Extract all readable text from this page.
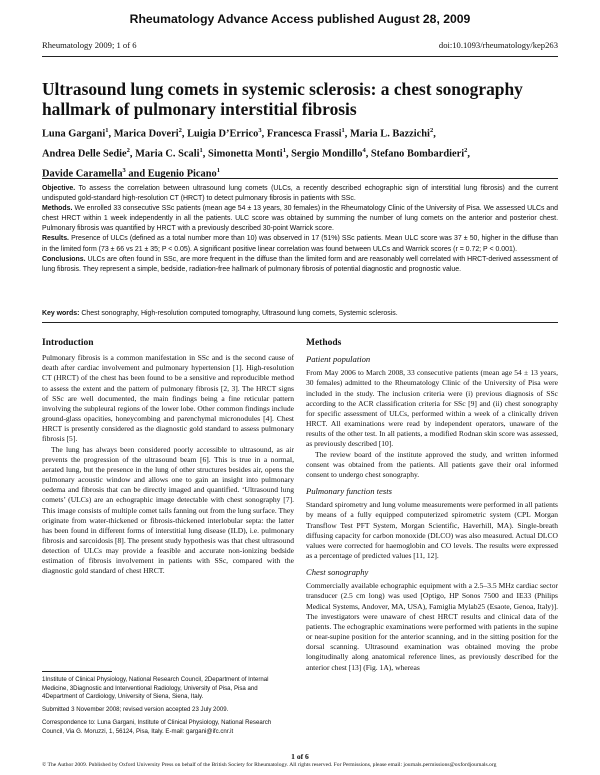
Rheumatology Advance Access published August 28, 2009
Rheumatology 2009; 1 of 6	doi:10.1093/rheumatology/kep263
Ultrasound lung comets in systemic sclerosis: a chest sonography hallmark of pulmonary interstitial fibrosis
Luna Gargani$^1$, Marica Doveri$^2$, Luigia D’Errico$^3$, Francesca Frassi$^1$, Maria L. Bazzichi$^2$,
Andrea Delle Sedie$^2$, Maria C. Scali$^1$, Simonetta Monti$^1$, Sergio Mondillo$^4$, Stefano Bombardieri$^2$,
Davide Caramella$^3$ and Eugenio Picano$^1$

Objective. To assess the correlation between ultrasound lung comets (ULCs, a recently described echographic sign of interstitial lung fibrosis) and the current undisputed gold-standard high-resolution CT (HRCT) to detect pulmonary fibrosis in patients with SSc.

Methods. We enrolled 33 consecutive SSc patients (mean age 54 ± 13 years, 30 females) in the Rheumatology Clinic of the University of Pisa. We assessed ULCs and chest HRCT within 1 week independently in all the patients. ULC score was obtained by summing the number of lung comets on the anterior and posterior chest. Pulmonary fibrosis was quantified by HRCT with a previously described 30-point Warrick score.

Results. Presence of ULCs (defined as a total number more than 10) was observed in 17 (51%) SSc patients. Mean ULC score was 37 ± 50, higher in the diffuse than in the limited form (73 ± 66 vs 21 ± 35; P < 0.05). A significant positive linear correlation was found between ULCs and Warrick scores (r = 0.72; P < 0.001).

Conclusions. ULCs are often found in SSc, are more frequent in the diffuse than the limited form and are reasonably well correlated with HRCT-derived assessment of lung fibrosis. They represent a simple, bedside, radiation-free hallmark of pulmonary fibrosis of potential diagnostic and prognostic value.

Key words: Chest sonography, High-resolution computed tomography, Ultrasound lung comets, Systemic sclerosis.
Introduction

Pulmonary fibrosis is a common manifestation in SSc and is the second cause of death after cardiac involvement and pulmonary hypertension [1]. High-resolution CT (HRCT) of the chest has been found to be a sensitive and reproducible method to assess the extent and the pattern of pulmonary fibrosis [2, 3]. The HRCT signs of SSc are well documented, the main findings being a fine reticular pattern involving the subpleural regions of the lower lobe. Other common findings include ground-glass opacities, honeycombing and parenchymal micronodules [4]. Chest HRCT is presently considered as the diagnostic gold standard to assess pulmonary fibrosis [5].

The lung has always been considered poorly accessible to ultrasound, as air prevents the progression of the ultrasound beam [6]. This is true in a normal, aerated lung, but the presence in the lung of other structures besides air, opens the pulmonary acoustic window and allows one to gain an insight into pulmonary oedema and fibrosis that can be directly imaged and quantified. ‘Ultrasound lung comets’ (ULCs) are an echographic image detectable with chest sonography [7]. This image consists of multiple comet tails fanning out from the lung surface. They originate from water-thickened or fibrosis-thickened interlobular septa: the latter has been found in different forms of interstitial lung disease (ILD), i.e. pulmonary fibrosis and sarcoidosis [8]. The present study hypothesis was that chest ultrasound detection of ULCs may provide a feasible and accurate non-ionizing bedside estimation of fibrosis involvement in patients with SSc, compared with the diagnostic gold standard of chest HRCT.

1Institute of Clinical Physiology, National Research Council, 2Department of Internal Medicine, 3Diagnostic and Interventional Radiology, University of Pisa, Pisa and 4Department of Cardiology, University of Siena, Siena, Italy.

Submitted 3 November 2008; revised version accepted 23 July 2009.

Correspondence to: Luna Gargani, Institute of Clinical Physiology, National Research Council, Via G. Moruzzi, 1, 56124, Pisa, Italy. E-mail: gargani@ifc.cnr.it

Methods
Patient population

From May 2006 to March 2008, 33 consecutive patients (mean age 54 ± 13 years, 30 females) admitted to the Rheumatology Clinic of the University of Pisa were included in the study. The inclusion criteria were (i) previous diagnosis of SSc according to the ACR classification criteria for SSc [9] and (ii) chest sonography for specific assessment of ULCs, performed within a week of a clinically driven HRCT. All examinations were read by independent operators, unaware of the results of the other test. In all patients, a modified Rodnan skin score was assessed, as previously described [10].

The review board of the institute approved the study, and written informed consent was obtained from the patients. All patients gave their oral informed consent to undergo chest sonography.

Pulmonary function tests

Standard spirometry and lung volume measurements were performed in all patients by means of a fully equipped computerized spirometric system (CPL Morgan Transflow Test PFT System, Morgan Scientific, Haverhill, MA). Single-breath diffusing capacity for carbon monoxide (DLCO) was also measured. Actual DLCO values were corrected for haemoglobin and CO levels. The results were expressed as a percentage of predicted values [11, 12].

Chest sonography

Commercially available echographic equipment with a 2.5–3.5 MHz cardiac sector transducer (2.5 cm long) was used [Optigo, HP Sonos 7500 and IE33 (Philips Medical Systems, Andover, MA, USA), Famiglia Mylab25 (Esaote, Genoa, Italy)]. The investigators were unaware of chest HRCT results and clinical data of the patients. The echographic examinations were performed with patients in the supine or near-supine position for the anterior scanning, and in the sitting position for the dorsal scanning. Ultrasound examination was obtained moving the probe longitudinally along anatomical reference lines, as previously described for the anterior chest [13] (Fig. 1A), whereas

1 of 6
© The Author 2009. Published by Oxford University Press on behalf of the British Society for Rheumatology. All rights reserved. For Permissions, please email: journals.permissions@oxfordjournals.org
